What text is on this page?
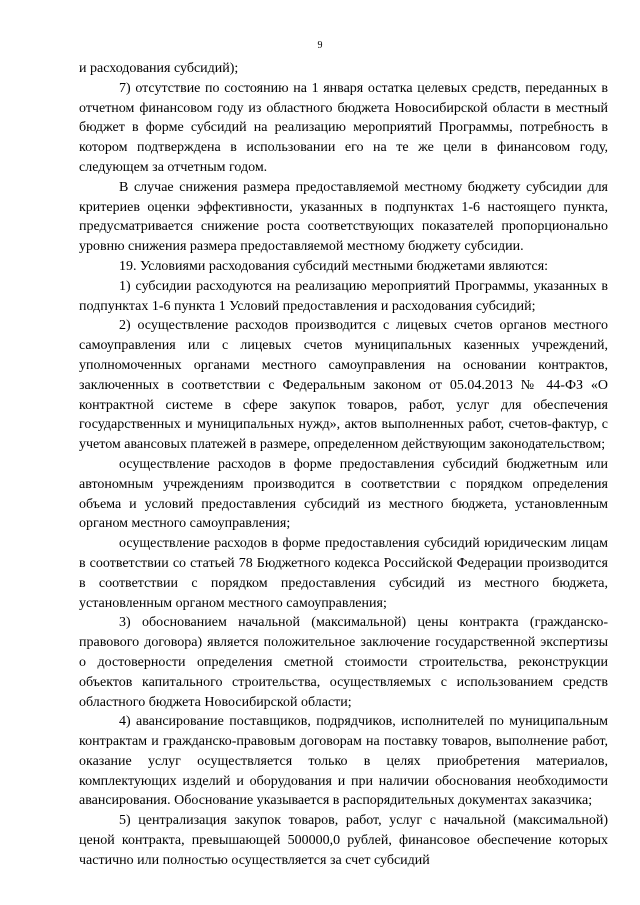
9

и расходования субсидий);

7) отсутствие по состоянию на 1 января остатка целевых средств, переданных в отчетном финансовом году из областного бюджета Новосибирской области в местный бюджет в форме субсидий на реализацию мероприятий Программы, потребность в котором подтверждена в использовании его на те же цели в финансовом году, следующем за отчетным годом.

В случае снижения размера предоставляемой местному бюджету субсидии для критериев оценки эффективности, указанных в подпунктах 1-6 настоящего пункта, предусматривается снижение роста соответствующих показателей пропорционально уровню снижения размера предоставляемой местному бюджету субсидии.

19. Условиями расходования субсидий местными бюджетами являются:

1) субсидии расходуются на реализацию мероприятий Программы, указанных в подпунктах 1-6 пункта 1 Условий предоставления и расходования субсидий;

2) осуществление расходов производится с лицевых счетов органов местного самоуправления или с лицевых счетов муниципальных казенных учреждений, уполномоченных органами местного самоуправления на основании контрактов, заключенных в соответствии с Федеральным законом от 05.04.2013 № 44-ФЗ «О контрактной системе в сфере закупок товаров, работ, услуг для обеспечения государственных и муниципальных нужд», актов выполненных работ, счетов-фактур, с учетом авансовых платежей в размере, определенном действующим законодательством;

осуществление расходов в форме предоставления субсидий бюджетным или автономным учреждениям производится в соответствии с порядком определения объема и условий предоставления субсидий из местного бюджета, установленным органом местного самоуправления;

осуществление расходов в форме предоставления субсидий юридическим лицам в соответствии со статьей 78 Бюджетного кодекса Российской Федерации производится в соответствии с порядком предоставления субсидий из местного бюджета, установленным органом местного самоуправления;

3) обоснованием начальной (максимальной) цены контракта (гражданско-правового договора) является положительное заключение государственной экспертизы о достоверности определения сметной стоимости строительства, реконструкции объектов капитального строительства, осуществляемых с использованием средств областного бюджета Новосибирской области;

4) авансирование поставщиков, подрядчиков, исполнителей по муниципальным контрактам и гражданско-правовым договорам на поставку товаров, выполнение работ, оказание услуг осуществляется только в целях приобретения материалов, комплектующих изделий и оборудования и при наличии обоснования необходимости авансирования. Обоснование указывается в распорядительных документах заказчика;

5) централизация закупок товаров, работ, услуг с начальной (максимальной) ценой контракта, превышающей 500000,0 рублей, финансовое обеспечение которых частично или полностью осуществляется за счет субсидий
